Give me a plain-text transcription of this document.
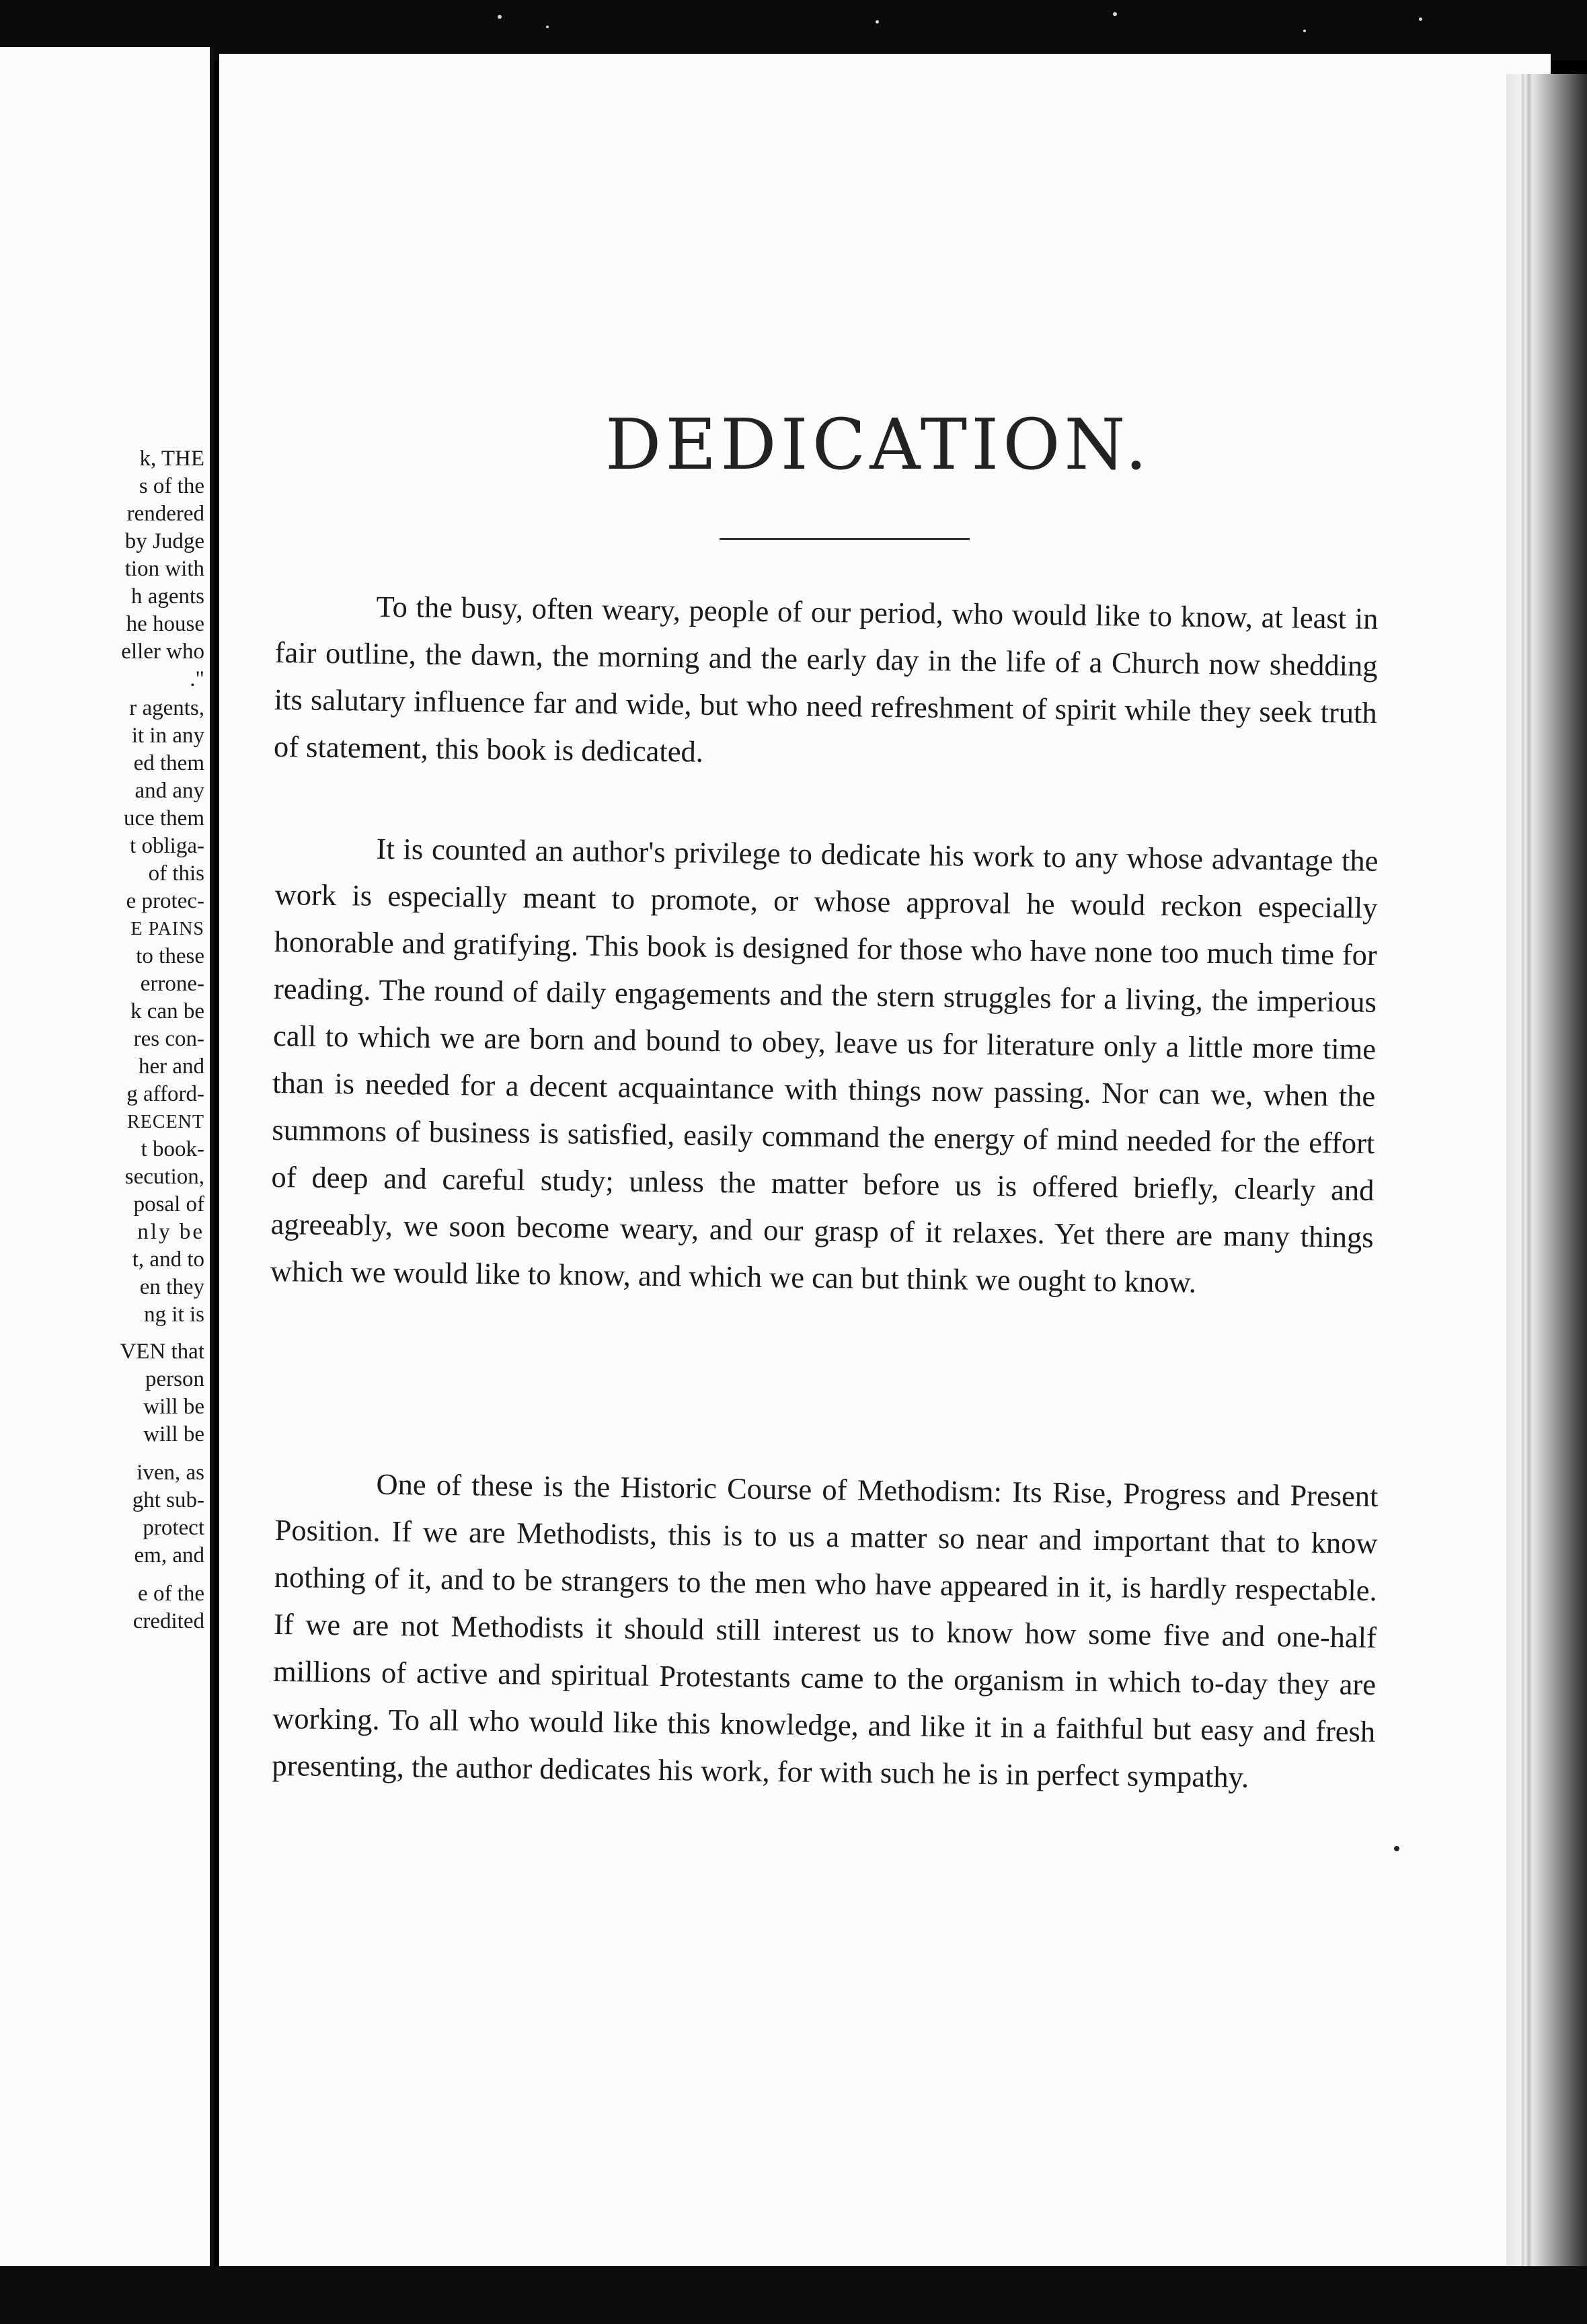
k, THE
s of the
rendered
by Judge
tion with
h agents
he house
eller who
."
r agents,
it in any
ed them
and any
uce them
t obliga-
of this
e protec-
E PAINS
to these
errone-
k can be
res con-
her and
g afford-
RECENT
t book-
secution,
posal of
nly be
t, and to
en they
ng it is
VEN that
person
will be
will be
iven, as
ght sub-
protect
em, and
e of the
credited
DEDICATION.
To the busy, often weary, people of our period, who would like to know, at least in fair outline, the dawn, the morning and the early day in the life of a Church now shedding its salutary influence far and wide, but who need refreshment of spirit while they seek truth of statement, this book is dedicated.
It is counted an author's privilege to dedicate his work to any whose advantage the work is especially meant to promote, or whose approval he would reckon especially honorable and gratifying. This book is designed for those who have none too much time for reading. The round of daily engagements and the stern struggles for a living, the imperious call to which we are born and bound to obey, leave us for literature only a little more time than is needed for a decent acquaintance with things now passing. Nor can we, when the summons of business is satisfied, easily command the energy of mind needed for the effort of deep and careful study; unless the matter before us is offered briefly, clearly and agreeably, we soon become weary, and our grasp of it relaxes. Yet there are many things which we would like to know, and which we can but think we ought to know.
One of these is the Historic Course of Methodism: Its Rise, Progress and Present Position. If we are Methodists, this is to us a matter so near and important that to know nothing of it, and to be strangers to the men who have appeared in it, is hardly respectable. If we are not Methodists it should still interest us to know how some five and one-half millions of active and spiritual Protestants came to the organism in which to-day they are working. To all who would like this knowledge, and like it in a faithful but easy and fresh presenting, the author dedicates his work, for with such he is in perfect sympathy.
